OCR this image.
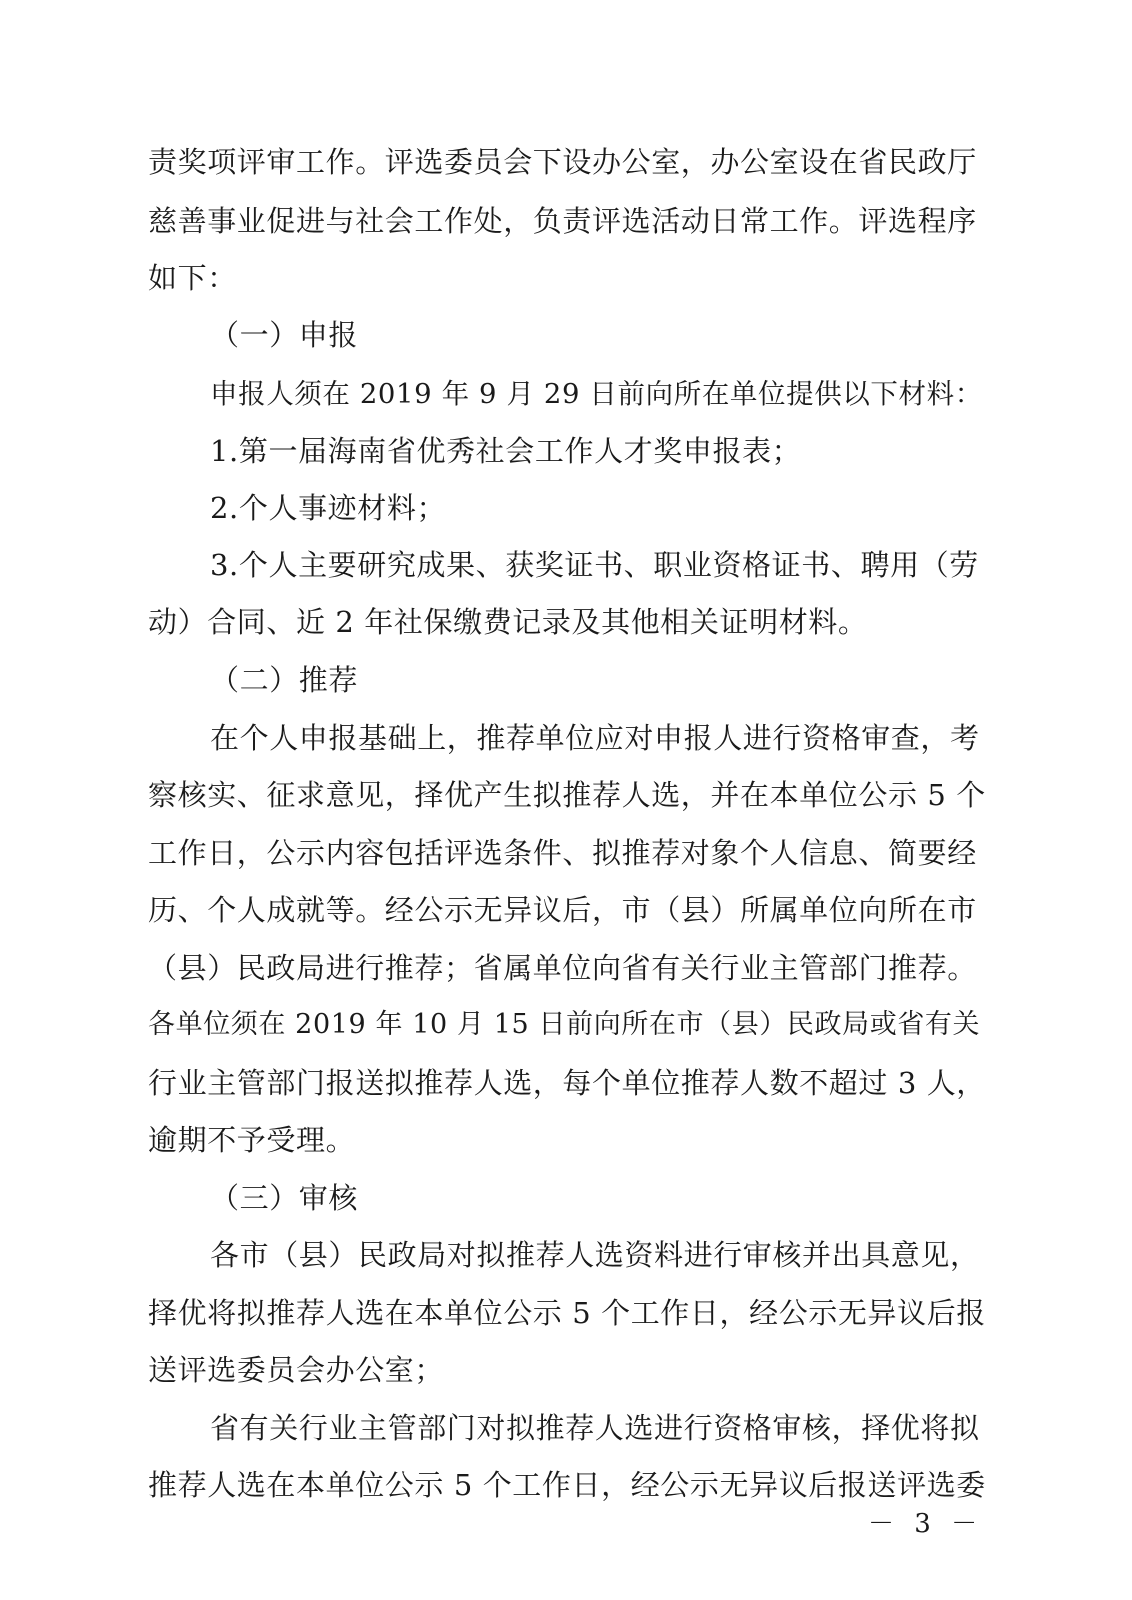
责奖项评审工作。评选委员会下设办公室，办公室设在省民政厅
慈善事业促进与社会工作处，负责评选活动日常工作。评选程序
如下：
（一）申报
申报人须在 2019 年 9 月 29 日前向所在单位提供以下材料：
1.第一届海南省优秀社会工作人才奖申报表；
2.个人事迹材料；
3.个人主要研究成果、获奖证书、职业资格证书、聘用（劳
动）合同、近 2 年社保缴费记录及其他相关证明材料。
（二）推荐
在个人申报基础上，推荐单位应对申报人进行资格审查，考
察核实、征求意见，择优产生拟推荐人选，并在本单位公示 5 个
工作日，公示内容包括评选条件、拟推荐对象个人信息、简要经
历、个人成就等。经公示无异议后，市（县）所属单位向所在市
（县）民政局进行推荐；省属单位向省有关行业主管部门推荐。
各单位须在 2019 年 10 月 15 日前向所在市（县）民政局或省有关
行业主管部门报送拟推荐人选，每个单位推荐人数不超过 3 人，
逾期不予受理。
（三）审核
各市（县）民政局对拟推荐人选资料进行审核并出具意见，
择优将拟推荐人选在本单位公示 5 个工作日，经公示无异议后报
送评选委员会办公室；
省有关行业主管部门对拟推荐人选进行资格审核，择优将拟
推荐人选在本单位公示 5 个工作日，经公示无异议后报送评选委
－ 3 －
